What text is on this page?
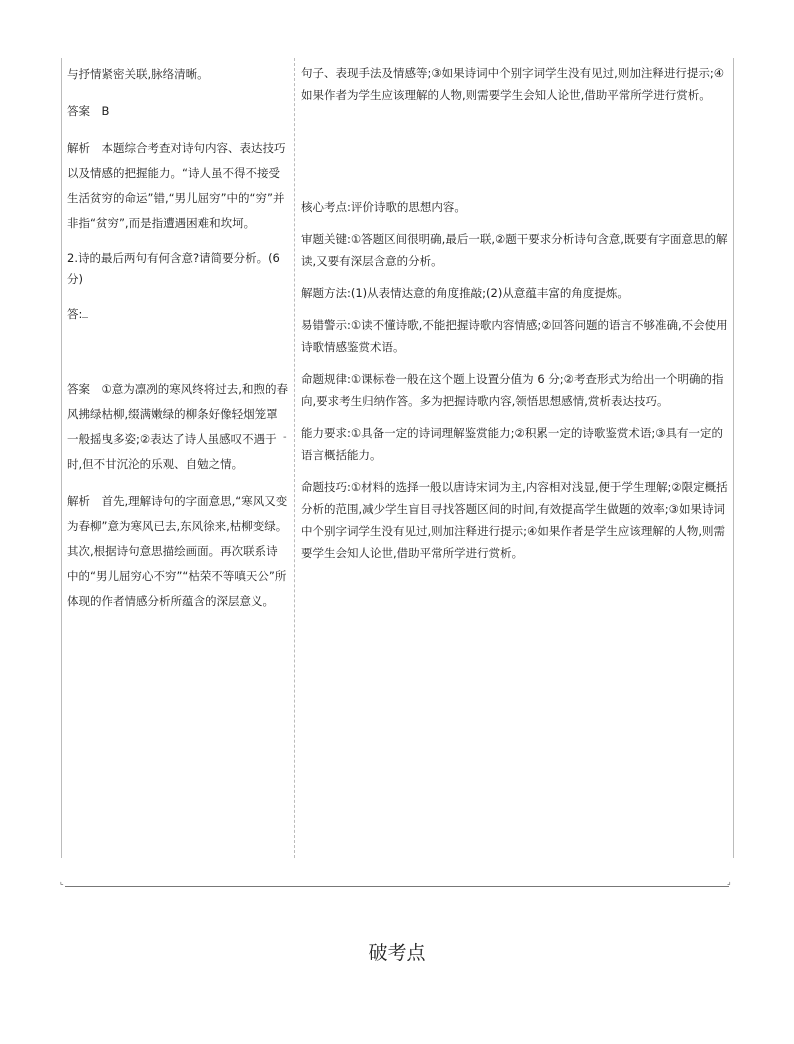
与抒情紧密关联,脉络清晰。

答案　B

解析　本题综合考查对诗句内容、表达技巧以及情感的把握能力。“诗人虽不得不接受生活贫穷的命运”错,“男儿屈穷”中的“穷”并非指“贫穷”,而是指遭遇困难和坎坷。

2.诗的最后两句有何含意?请简要分析。(6分)

答:

答案　①意为凛冽的寒风终将过去,和煦的春风拂绿枯柳,缀满嫩绿的柳条好像轻烟笼罩一般摇曳多姿;②表达了诗人虽感叹不遇于时,但不甘沉沦的乐观、自勉之情。

解析　首先,理解诗句的字面意思,“寒风又变为春柳”意为寒风已去,东风徐来,枯柳变绿。其次,根据诗句意思描绘画面。再次联系诗中的“男儿屈穷心不穷”“枯荣不等嗔天公”所体现的作者情感分析所蕴含的深层意义。

-

句子、表现手法及情感等;③如果诗词中个别字词学生没有见过,则加注释进行提示;④如果作者为学生应该理解的人物,则需要学生会知人论世,借助平常所学进行赏析。

核心考点:评价诗歌的思想内容。

审题关键:①答题区间很明确,最后一联,②题干要求分析诗句含意,既要有字面意思的解读,又要有深层含意的分析。

解题方法:(1)从表情达意的角度推敲;(2)从意蕴丰富的角度提炼。

易错警示:①读不懂诗歌,不能把握诗歌内容情感;②回答问题的语言不够准确,不会使用诗歌情感鉴赏术语。

命题规律:①课标卷一般在这个题上设置分值为 6 分;②考查形式为给出一个明确的指向,要求考生归纳作答。多为把握诗歌内容,领悟思想感情,赏析表达技巧。

能力要求:①具备一定的诗词理解鉴赏能力;②积累一定的诗歌鉴赏术语;③具有一定的语言概括能力。

命题技巧:①材料的选择一般以唐诗宋词为主,内容相对浅显,便于学生理解;②限定概括分析的范围,减少学生盲目寻找答题区间的时间,有效提高学生做题的效率;③如果诗词中个别字词学生没有见过,则加注释进行提示;④如果作者是学生应该理解的人物,则需要学生会知人论世,借助平常所学进行赏析。

⌞	⌟
破考点
